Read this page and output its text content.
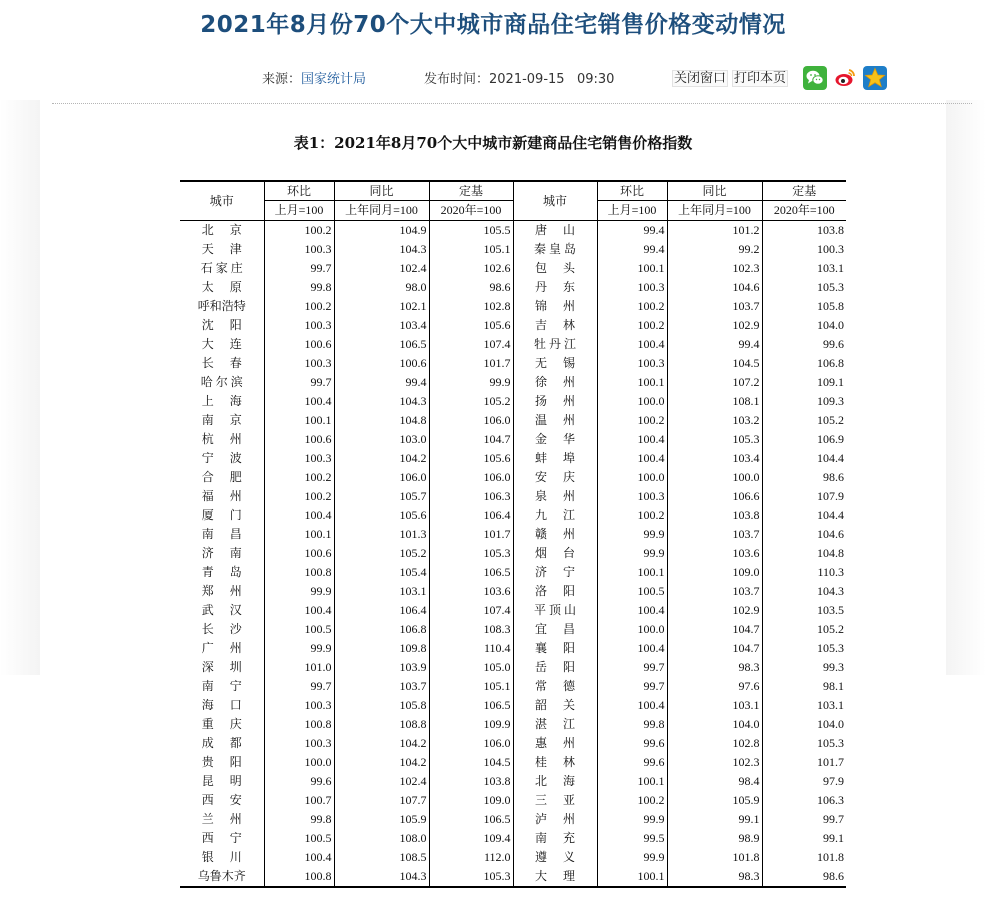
2021年8月份70个大中城市商品住宅销售价格变动情况
来源：国家统计局	发布时间：2021-09-15   09:30	关闭窗口 打印本页
表1：2021年8月70个大中城市新建商品住宅销售价格指数
城市	环比	同比	定基	城市	环比	同比	定基
	上月=100	上年同月=100	2020年=100		上月=100	上年同月=100	2020年=100
北京	100.2	104.9	105.5	唐山	99.4	101.2	103.8
天津	100.3	104.3	105.1	秦皇岛	99.4	99.2	100.3
石家庄	99.7	102.4	102.6	包头	100.1	102.3	103.1
太原	99.8	98.0	98.6	丹东	100.3	104.6	105.3
呼和浩特	100.2	102.1	102.8	锦州	100.2	103.7	105.8
沈阳	100.3	103.4	105.6	吉林	100.2	102.9	104.0
大连	100.6	106.5	107.4	牡丹江	100.4	99.4	99.6
长春	100.3	100.6	101.7	无锡	100.3	104.5	106.8
哈尔滨	99.7	99.4	99.9	徐州	100.1	107.2	109.1
上海	100.4	104.3	105.2	扬州	100.0	108.1	109.3
南京	100.1	104.8	106.0	温州	100.2	103.2	105.2
杭州	100.6	103.0	104.7	金华	100.4	105.3	106.9
宁波	100.3	104.2	105.6	蚌埠	100.4	103.4	104.4
合肥	100.2	106.0	106.0	安庆	100.0	100.0	98.6
福州	100.2	105.7	106.3	泉州	100.3	106.6	107.9
厦门	100.4	105.6	106.4	九江	100.2	103.8	104.4
南昌	100.1	101.3	101.7	赣州	99.9	103.7	104.6
济南	100.6	105.2	105.3	烟台	99.9	103.6	104.8
青岛	100.8	105.4	106.5	济宁	100.1	109.0	110.3
郑州	99.9	103.1	103.6	洛阳	100.5	103.7	104.3
武汉	100.4	106.4	107.4	平顶山	100.4	102.9	103.5
长沙	100.5	106.8	108.3	宜昌	100.0	104.7	105.2
广州	99.9	109.8	110.4	襄阳	100.4	104.7	105.3
深圳	101.0	103.9	105.0	岳阳	99.7	98.3	99.3
南宁	99.7	103.7	105.1	常德	99.7	97.6	98.1
海口	100.3	105.8	106.5	韶关	100.4	103.1	103.1
重庆	100.8	108.8	109.9	湛江	99.8	104.0	104.0
成都	100.3	104.2	106.0	惠州	99.6	102.8	105.3
贵阳	100.0	104.2	104.5	桂林	99.6	102.3	101.7
昆明	99.6	102.4	103.8	北海	100.1	98.4	97.9
西安	100.7	107.7	109.0	三亚	100.2	105.9	106.3
兰州	99.8	105.9	106.5	泸州	99.9	99.1	99.7
西宁	100.5	108.0	109.4	南充	99.5	98.9	99.1
银川	100.4	108.5	112.0	遵义	99.9	101.8	101.8
乌鲁木齐	100.8	104.3	105.3	大理	100.1	98.3	98.6
